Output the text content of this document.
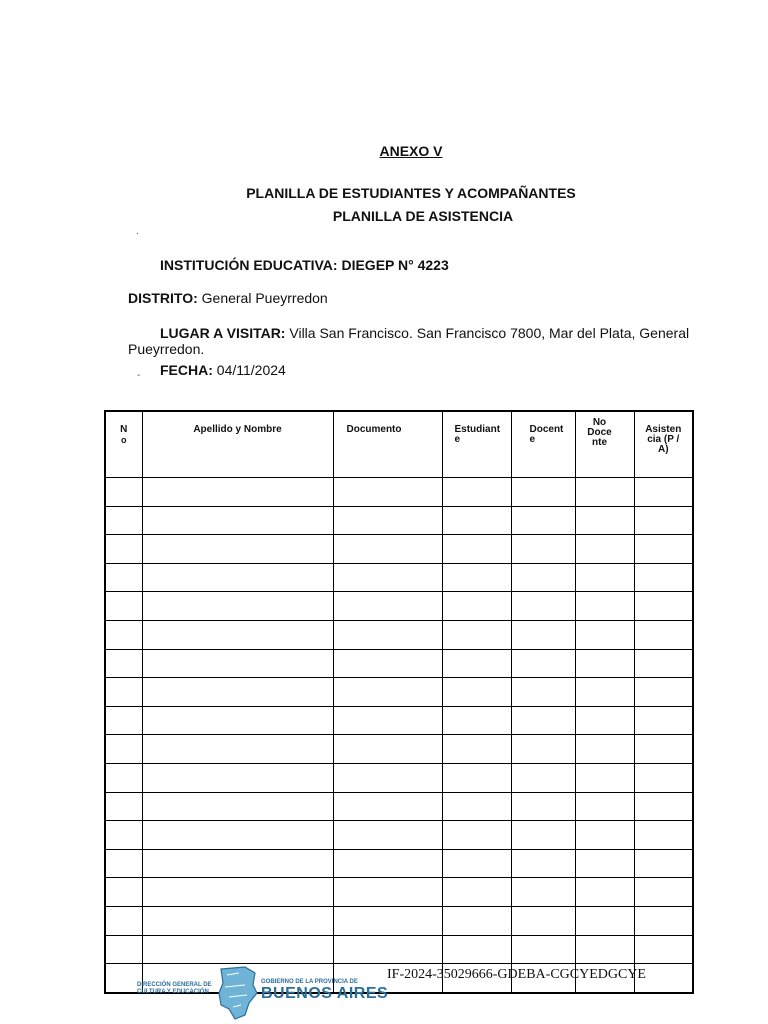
ANEXO V
PLANILLA DE ESTUDIANTES Y ACOMPAÑANTES
PLANILLA DE ASISTENCIA
.
INSTITUCIÓN EDUCATIVA: DIEGEP N° 4223
DISTRITO: General Pueyrredon
LUGAR A VISITAR: Villa San Francisco. San Francisco 7800, Mar del Plata, General
Pueyrredon.
- FECHA: 04/11/2024
N
o	Apellido y Nombre	Documento	Estudiant e	Docent e	No Doce nte	Asisten cia (P / A)

IF-2024-35029666-GDEBA-CGCYEDGCYE
DIRECCIÓN GENERAL DE
CULTURA Y EDUCACIÓN
GOBIERNO DE LA PROVINCIA DE
BUENOS AIRES
